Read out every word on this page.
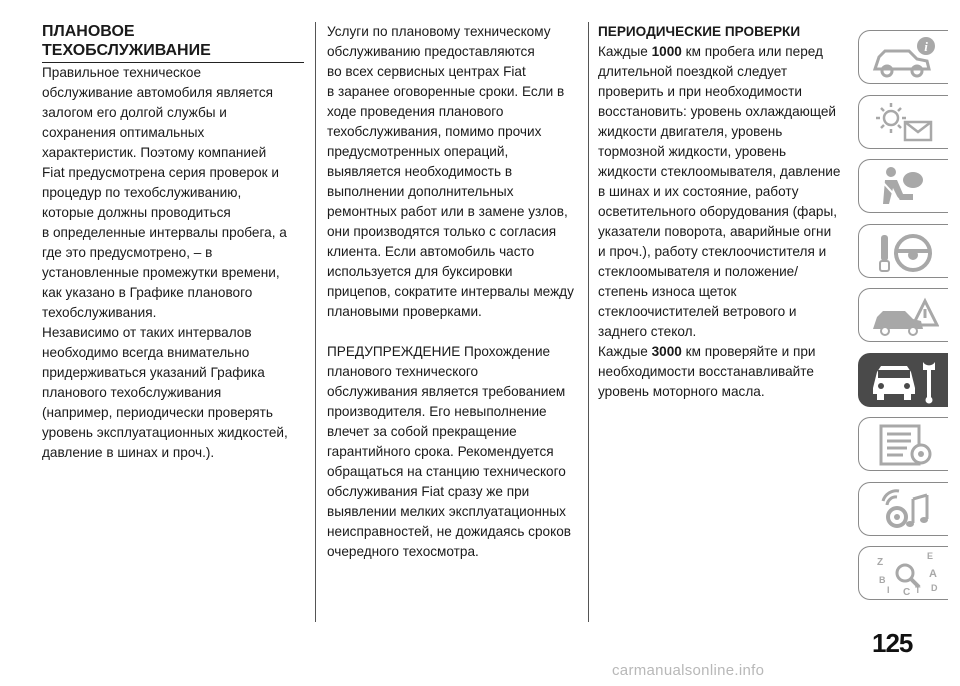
ПЛАНОВОЕ
ТЕХОБСЛУЖИВАНИЕ

Правильное техническое
обслуживание автомобиля является
залогом его долгой службы и
сохранения оптимальных
характеристик. Поэтому компанией
Fiat предусмотрена серия проверок и
процедур по техобслуживанию,
которые должны проводиться
в определенные интервалы пробега, а
где это предусмотрено, – в
установленные промежутки времени,
как указано в Графике планового
техобслуживания.

Независимо от таких интервалов
необходимо всегда внимательно
придерживаться указаний Графика
планового техобслуживания
(например, периодически проверять
уровень эксплуатационных жидкостей,
давление в шинах и проч.).

Услуги по плановому техническому
обслуживанию предоставляются
во всех сервисных центрах Fiat
в заранее оговоренные сроки. Если в
ходе проведения планового
техобслуживания, помимо прочих
предусмотренных операций,
выявляется необходимость в
выполнении дополнительных
ремонтных работ или в замене узлов,
они производятся только с согласия
клиента. Если автомобиль часто
используется для буксировки
прицепов, сократите интервалы между
плановыми проверками.

ПРЕДУПРЕЖДЕНИЕ Прохождение
планового технического
обслуживания является требованием
производителя. Его невыполнение
влечет за собой прекращение
гарантийного срока. Рекомендуется
обращаться на станцию технического
обслуживания Fiat сразу же при
выявлении мелких эксплуатационных
неисправностей, не дожидаясь сроков
очередного техосмотра.

ПЕРИОДИЧЕСКИЕ ПРОВЕРКИ

Каждые 1000 км пробега или перед
длительной поездкой следует
проверить и при необходимости
восстановить: уровень охлаждающей
жидкости двигателя, уровень
тормозной жидкости, уровень
жидкости стеклоомывателя, давление
в шинах и их состояние, работу
осветительного оборудования (фары,
указатели поворота, аварийные огни
и проч.), работу стеклоочистителя и
стеклоомывателя и положение/
степень износа щеток
стеклоочистителей ветрового и
заднего стекол.

Каждые 3000 км проверяйте и при
необходимости восстанавливайте
уровень моторного масла.

i
Z
E
B	A
I C T D
125
carmanualsonline.info
